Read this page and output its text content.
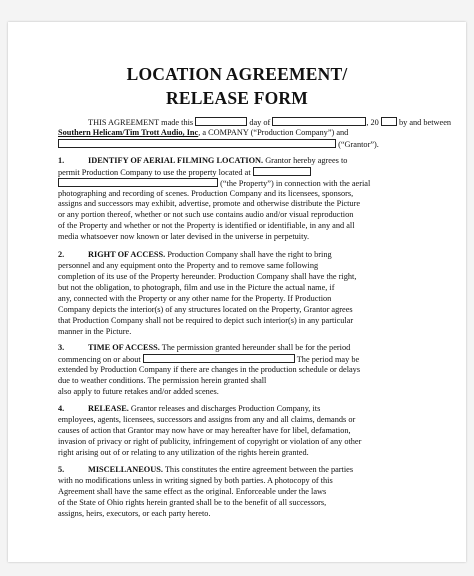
LOCATION AGREEMENT/
RELEASE FORM
THIS AGREEMENT made this	day of	, 20 by and between
Southern Helicam/Tim Trott Audio, Inc, a COMPANY (“Production Company”) and
(“Grantor”).
1.	IDENTIFY OF AERIAL FILMING LOCATION. Grantor hereby agrees to
permit Production Company to use the property located at
(“the Property”) in connection with the aerial
photographing and recording of scenes. Production Company and its licensees, sponsors,
assigns and successors may exhibit, advertise, promote and otherwise distribute the Picture
or any portion thereof, whether or not such use contains audio and/or visual reproduction
of the Property and whether or not the Property is identified or identifiable, in any and all
media whatsoever now known or later devised in the universe in perpetuity.
2.	RIGHT OF ACCESS. Production Company shall have the right to bring
personnel and any equipment onto the Property and to remove same following
completion of its use of the Property hereunder. Production Company shall have the right,
but not the obligation, to photograph, film and use in the Picture the actual name, if
any, connected with the Property or any other name for the Property. If Production
Company depicts the interior(s) of any structures located on the Property, Grantor agrees
that Production Company shall not be required to depict such interior(s) in any particular
manner in the Picture.
3.	TIME OF ACCESS. The permission granted hereunder shall be for the period
commencing on or about	The period may be
extended by Production Company if there are changes in the production schedule or delays
due to weather conditions. The permission herein granted shall
also apply to future retakes and/or added scenes.
4.	RELEASE. Grantor releases and discharges Production Company, its
employees, agents, licensees, successors and assigns from any and all claims, demands or
causes of action that Grantor may now have or may hereafter have for libel, defamation,
invasion of privacy or right of publicity, infringement of copyright or violation of any other
right arising out of or relating to any utilization of the rights herein granted.
5.	MISCELLANEOUS. This constitutes the entire agreement between the parties
with no modifications unless in writing signed by both parties. A photocopy of this
Agreement shall have the same effect as the original. Enforceable under the laws
of the State of Ohio rights herein granted shall be to the benefit of all successors,
assigns, heirs, executors, or each party hereto.
